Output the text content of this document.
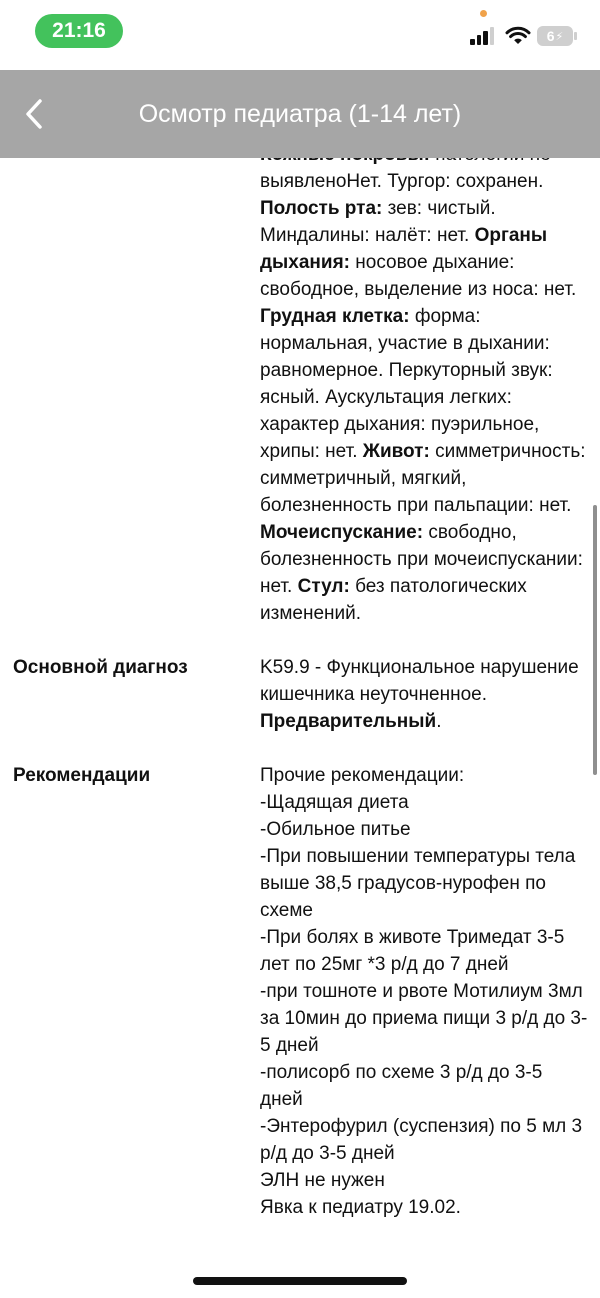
21:16	6 ⚡
Осмотр педиатра (1-14 лет)
выявленоНет. Тургор: сохранен. Полость рта: зев: чистый. Миндалины: налёт: нет. Органы дыхания: носовое дыхание: свободное, выделение из носа: нет. Грудная клетка: форма: нормальная, участие в дыхании: равномерное. Перкуторный звук: ясный. Аускультация легких: характер дыхания: пуэрильное, хрипы: нет. Живот: симметричность: симметричный, мягкий, болезненность при пальпации: нет. Мочеиспускание: свободно, болезненность при мочеиспускании: нет. Стул: без патологических изменений.
Основной диагноз	K59.9 - Функциональное нарушение кишечника неуточненное. Предварительный.
Рекомендации	Прочие рекомендации:
-Щадящая диета
-Обильное питье
-При повышении температуры тела выше 38,5 градусов-нурофен по схеме
-При болях в животе Тримедат 3-5 лет по 25мг *3 р/д до 7 дней
-при тошноте и рвоте Мотилиум 3мл за 10мин до приема пищи 3 р/д до 3-5 дней
-полисорб по схеме 3 р/д до 3-5 дней
-Энтерофурил (суспензия) по 5 мл 3 р/д до 3-5 дней
ЭЛН не нужен
Явка к педиатру 19.02.
